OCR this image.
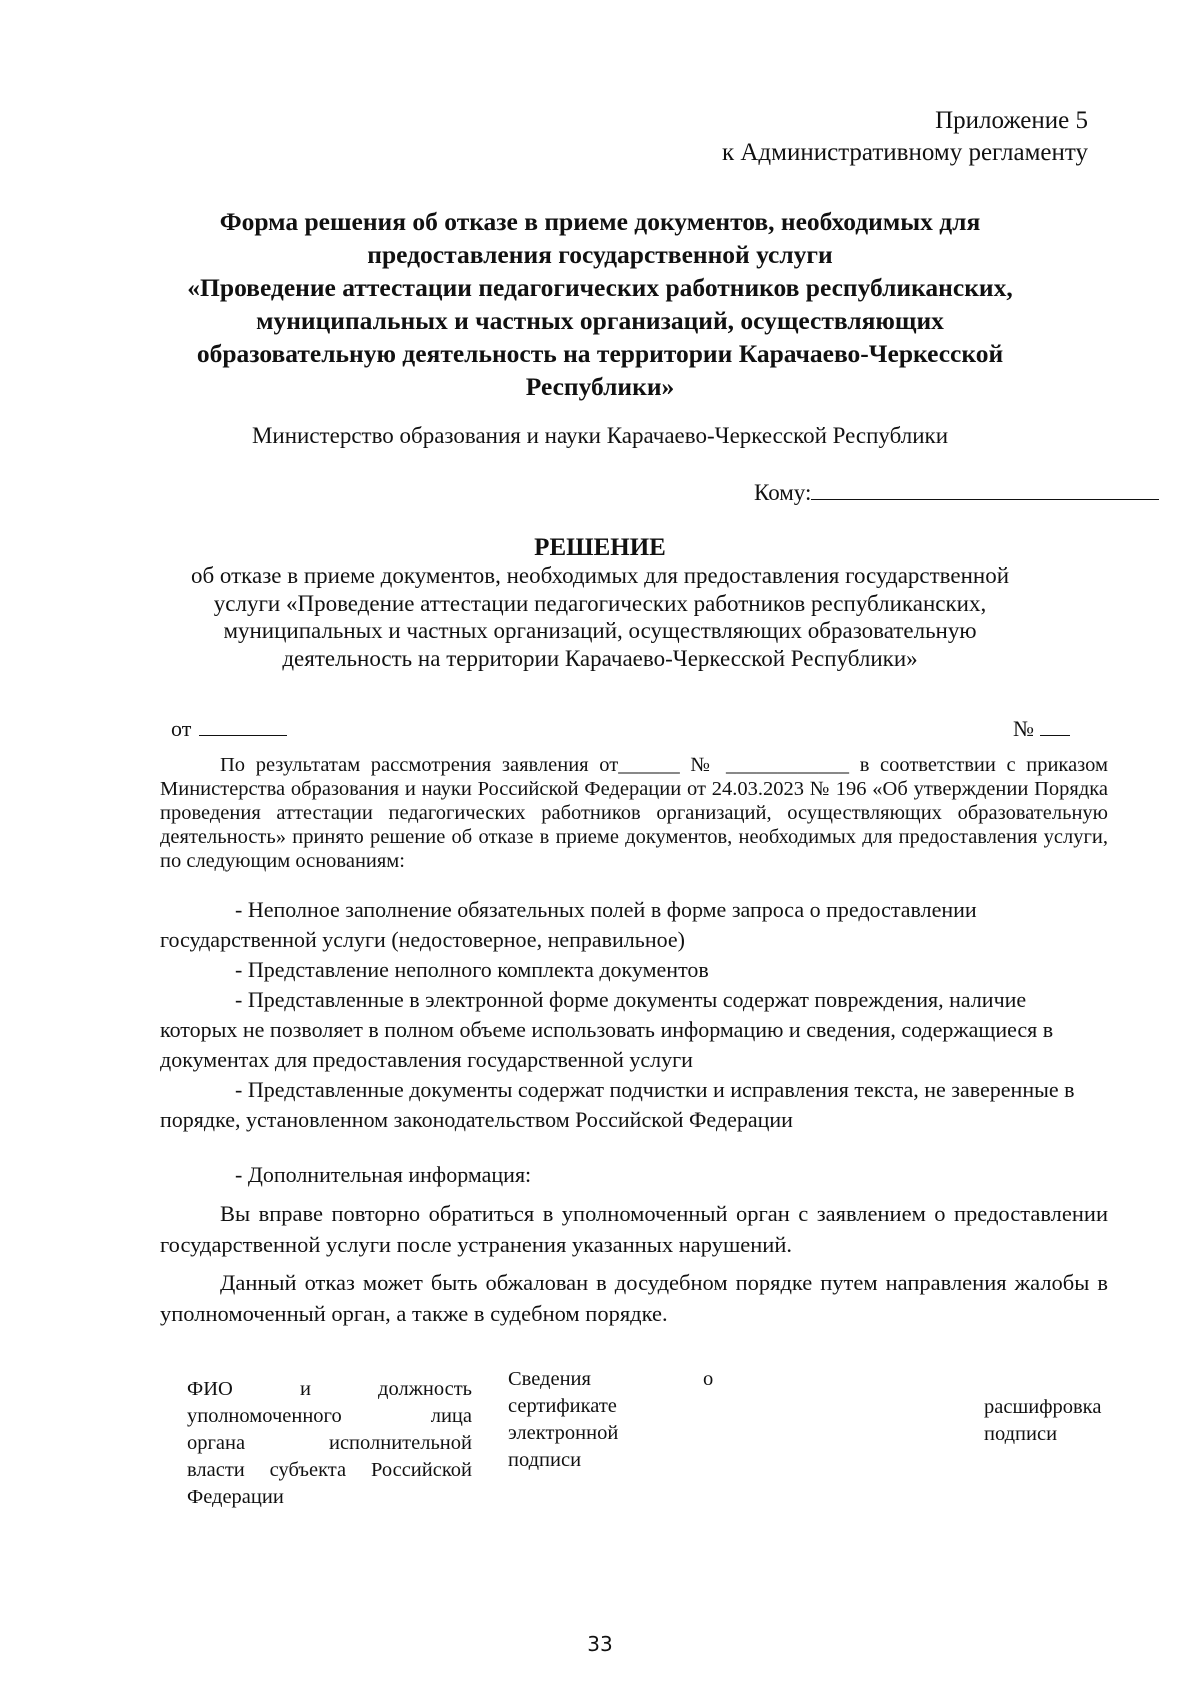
Приложение 5
к Административному регламенту
Форма решения об отказе в приеме документов, необходимых для
предоставления государственной услуги
«Проведение аттестации педагогических работников республиканских,
муниципальных и частных организаций, осуществляющих
образовательную деятельность на территории Карачаево-Черкесской
Республики»
Министерство образования и науки Карачаево-Черкесской Республики
Кому:
РЕШЕНИЕ
об отказе в приеме документов, необходимых для предоставления государственной
услуги «Проведение аттестации педагогических работников республиканских,
муниципальных и частных организаций, осуществляющих образовательную
деятельность на территории Карачаево-Черкесской Республики»
от	№
По результатам рассмотрения заявления от______ № ____________ в соответствии с приказом Министерства образования и науки Российской Федерации от 24.03.2023 № 196 «Об утверждении Порядка проведения аттестации педагогических работников организаций, осуществляющих образовательную деятельность» принято решение об отказе в приеме документов, необходимых для предоставления услуги, по следующим основаниям:
- Неполное заполнение обязательных полей в форме запроса о предоставлении государственной услуги (недостоверное, неправильное)
- Представление неполного комплекта документов
- Представленные в электронной форме документы содержат повреждения, наличие которых не позволяет в полном объеме использовать информацию и сведения, содержащиеся в документах для предоставления государственной услуги
- Представленные документы содержат подчистки и исправления текста, не заверенные в порядке, установленном законодательством Российской Федерации
- Дополнительная информация:
Вы вправе повторно обратиться в уполномоченный орган с заявлением о предоставлении государственной услуги после устранения указанных нарушений.
Данный отказ может быть обжалован в досудебном порядке путем направления жалобы в уполномоченный орган, а также в судебном порядке.
ФИО и должность
уполномоченного лица
органа исполнительной
власти субъекта Российской
Федерации
Сведения
сертификате
электронной
подписи
о
расшифровка
подписи
33
